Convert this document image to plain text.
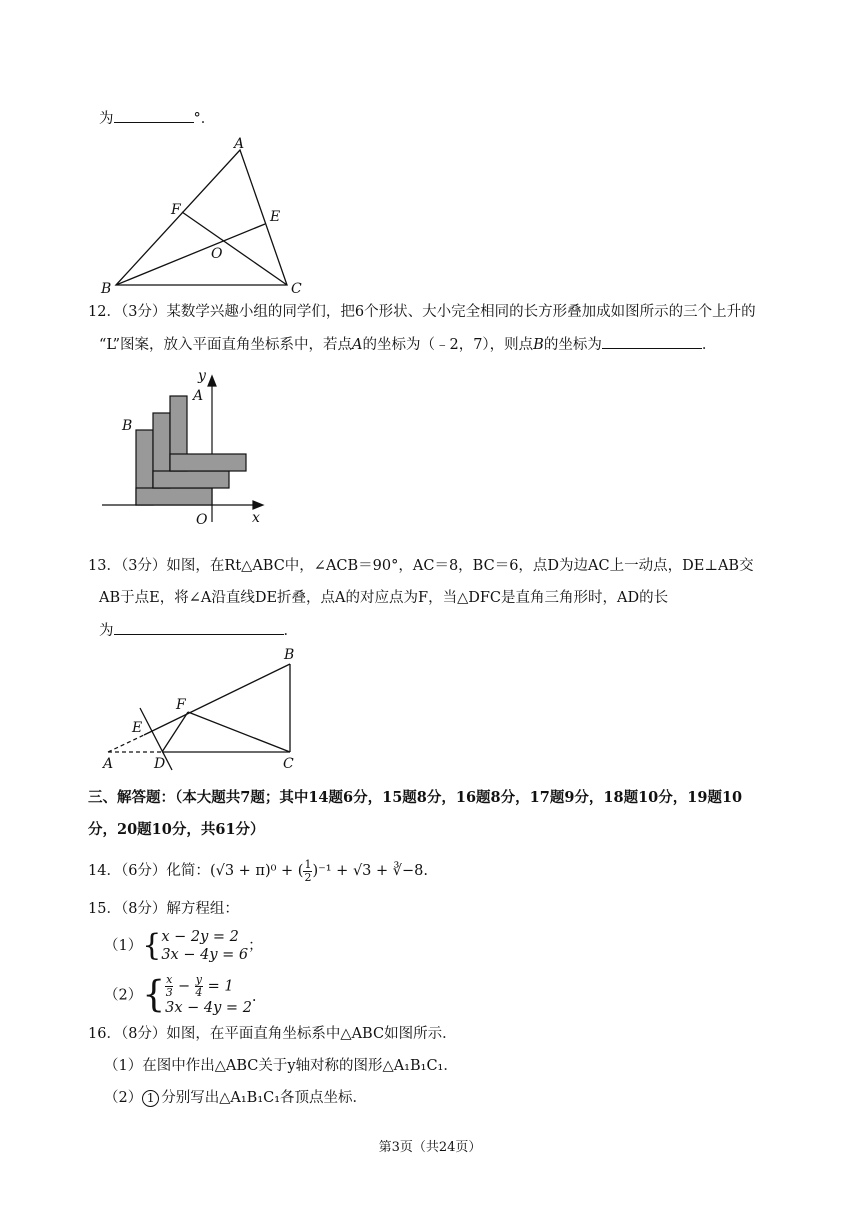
为	°．
A
B	C
E
F
O
12．（3分）某数学兴趣小组的同学们，把6个形状、大小完全相同的长方形叠加成如图所示的三个上升的
“L”图案，放入平面直角坐标系中，若点A的坐标为（﹣2，7），则点B的坐标为	．
y
A
B
O	x
13．（3分）如图，在Rt△ABC中，∠ACB＝90°，AC＝8，BC＝6，点D为边AC上一动点，DE⊥AB交
AB于点E，将∠A沿直线DE折叠，点A的对应点为F，当△DFC是直角三角形时，AD的长
为	．
B
F
E
A	D	C
三、解答题：（本大题共7题；其中14题6分，15题8分，16题8分，17题9分，18题10分，19题10
分，20题10分，共61分）
14．（6分）化简：(√3 + π)⁰ + ( $\frac{1}{2} )^{-1} + √3$ + ∛−8.
15．（8分）解方程组：
（1）{ x − 2y = 2
3x − 4y = 6
；
$(2)\{ \frac{x}{3} - \frac{y}{4} = 1$
3x − 4y = 2
.
16．（8分）如图，在平面直角坐标系中△ABC如图所示．
（1）在图中作出△ABC关于y轴对称的图形△A₁B₁C₁．
（2） 1 分别写出△A₁B₁C₁各顶点坐标．
第3页（共24页）
